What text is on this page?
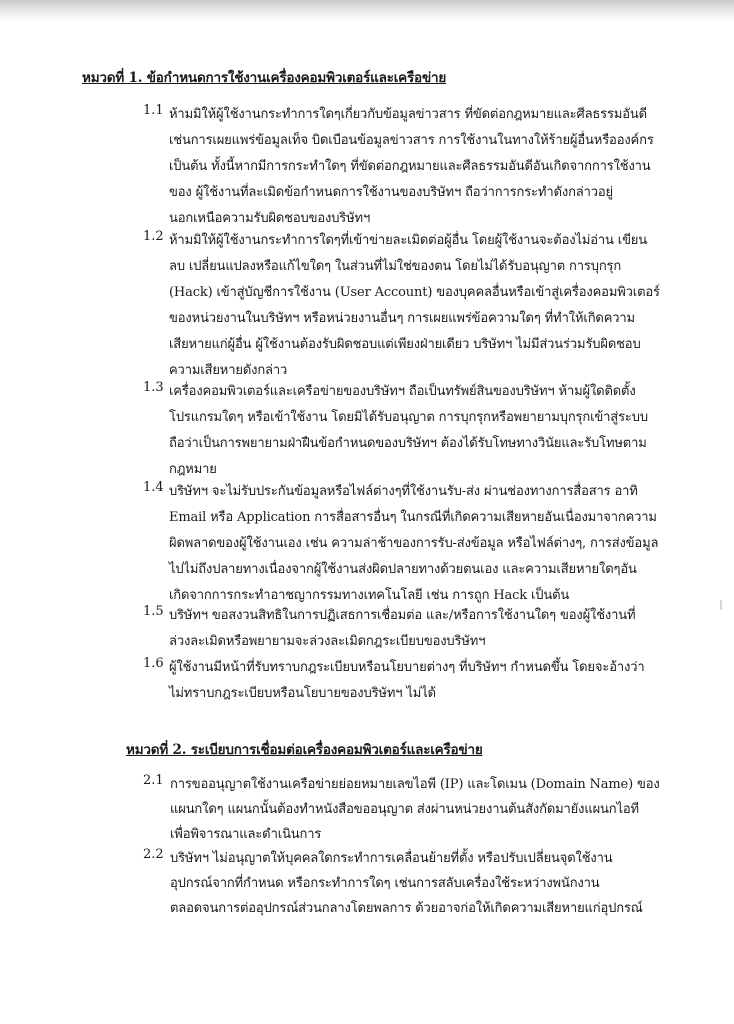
หมวดที่ 1. ข้อกำหนดการใช้งานเครื่องคอมพิวเตอร์และเครือข่าย
1.1 ห้ามมิให้ผู้ใช้งานกระทำการใดๆเกี่ยวกับข้อมูลข่าวสาร ที่ขัดต่อกฎหมายและศีลธรรมอันดี
เช่นการเผยแพร่ข้อมูลเท็จ บิดเบือนข้อมูลข่าวสาร การใช้งานในทางให้ร้ายผู้อื่นหรือองค์กร
เป็นต้น ทั้งนี้หากมีการกระทำใดๆ ที่ขัดต่อกฎหมายและศีลธรรมอันดีอันเกิดจากการใช้งาน
ของ ผู้ใช้งานที่ละเมิดข้อกำหนดการใช้งานของบริษัทฯ ถือว่าการกระทำดังกล่าวอยู่
นอกเหนือความรับผิดชอบของบริษัทฯ
1.2 ห้ามมิให้ผู้ใช้งานกระทำการใดๆที่เข้าข่ายละเมิดต่อผู้อื่น โดยผู้ใช้งานจะต้องไม่อ่าน เขียน
ลบ เปลี่ยนแปลงหรือแก้ไขใดๆ ในส่วนที่ไม่ใช่ของตน โดยไม่ได้รับอนุญาต การบุกรุก
(Hack) เข้าสู่บัญชีการใช้งาน (User Account) ของบุคคลอื่นหรือเข้าสู่เครื่องคอมพิวเตอร์
ของหน่วยงานในบริษัทฯ หรือหน่วยงานอื่นๆ การเผยแพร่ข้อความใดๆ ที่ทำให้เกิดความ
เสียหายแก่ผู้อื่น ผู้ใช้งานต้องรับผิดชอบแต่เพียงฝ่ายเดียว บริษัทฯ ไม่มีส่วนร่วมรับผิดชอบ
ความเสียหายดังกล่าว
1.3 เครื่องคอมพิวเตอร์และเครือข่ายของบริษัทฯ ถือเป็นทรัพย์สินของบริษัทฯ ห้ามผู้ใดติดตั้ง
โปรแกรมใดๆ หรือเข้าใช้งาน โดยมิได้รับอนุญาต การบุกรุกหรือพยายามบุกรุกเข้าสู่ระบบ
ถือว่าเป็นการพยายามฝ่าฝืนข้อกำหนดของบริษัทฯ ต้องได้รับโทษทางวินัยและรับโทษตาม
กฎหมาย
1.4 บริษัทฯ จะไม่รับประกันข้อมูลหรือไฟล์ต่างๆที่ใช้งานรับ-ส่ง ผ่านช่องทางการสื่อสาร อาทิ
Email หรือ Application การสื่อสารอื่นๆ ในกรณีที่เกิดความเสียหายอันเนื่องมาจากความ
ผิดพลาดของผู้ใช้งานเอง เช่น ความล่าช้าของการรับ-ส่งข้อมูล หรือไฟล์ต่างๆ, การส่งข้อมูล
ไปไม่ถึงปลายทางเนื่องจากผู้ใช้งานส่งผิดปลายทางด้วยตนเอง และความเสียหายใดๆอัน
เกิดจากการกระทำอาชญากรรมทางเทคโนโลยี เช่น การถูก Hack เป็นต้น
1.5 บริษัทฯ ขอสงวนสิทธิในการปฏิเสธการเชื่อมต่อ และ/หรือการใช้งานใดๆ ของผู้ใช้งานที่
ล่วงละเมิดหรือพยายามจะล่วงละเมิดกฎระเบียบของบริษัทฯ
1.6 ผู้ใช้งานมีหน้าที่รับทราบกฎระเบียบหรือนโยบายต่างๆ ที่บริษัทฯ กำหนดขึ้น โดยจะอ้างว่า
ไม่ทราบกฎระเบียบหรือนโยบายของบริษัทฯ ไม่ได้
หมวดที่ 2. ระเบียบการเชื่อมต่อเครื่องคอมพิวเตอร์และเครือข่าย
2.1 การขออนุญาตใช้งานเครือข่ายย่อยหมายเลขไอพี (IP) และโดเมน (Domain Name) ของ
แผนกใดๆ แผนกนั้นต้องทำหนังสือขออนุญาต ส่งผ่านหน่วยงานต้นสังกัดมายังแผนกไอที
เพื่อพิจารณาและดำเนินการ
2.2 บริษัทฯ ไม่อนุญาตให้บุคคลใดกระทำการเคลื่อนย้ายที่ตั้ง หรือปรับเปลี่ยนจุดใช้งาน
อุปกรณ์จากที่กำหนด หรือกระทำการใดๆ เช่นการสลับเครื่องใช้ระหว่างพนักงาน
ตลอดจนการต่ออุปกรณ์ส่วนกลางโดยพลการ ด้วยอาจก่อให้เกิดความเสียหายแก่อุปกรณ์
